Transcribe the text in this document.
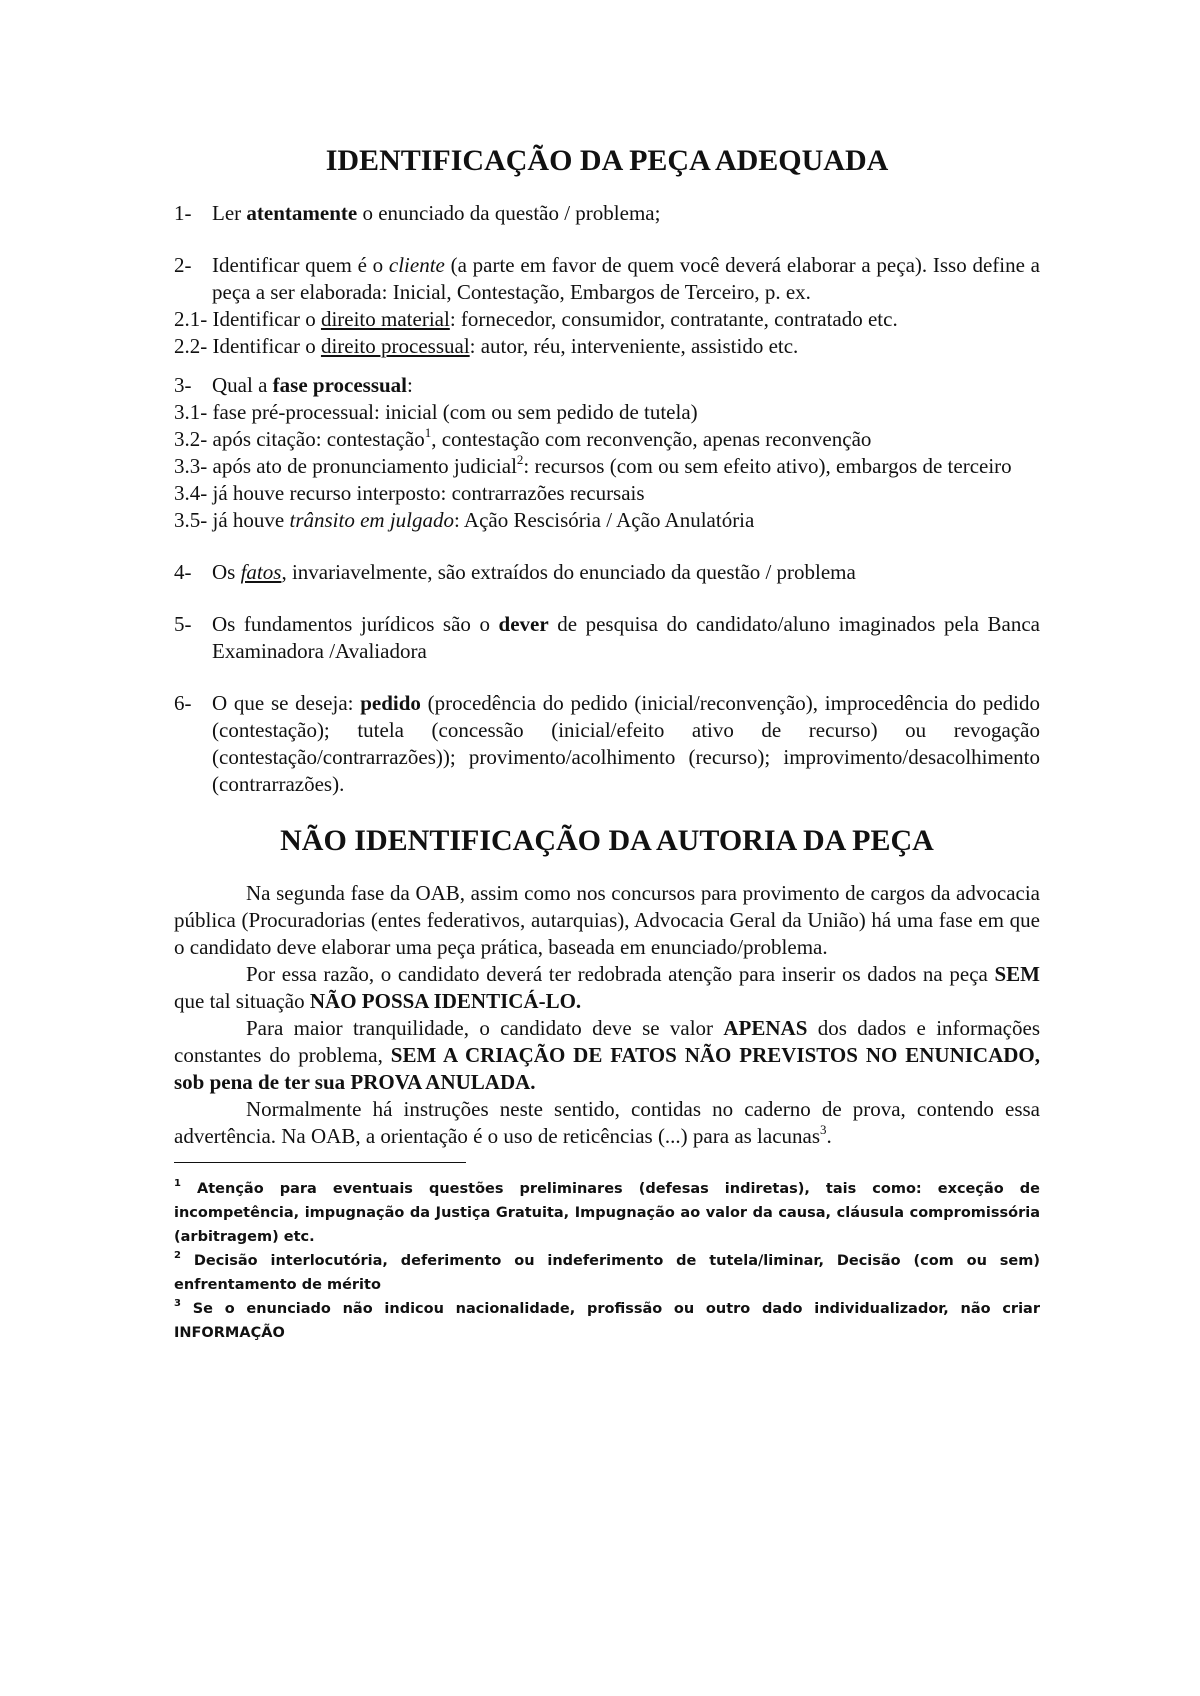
IDENTIFICAÇÃO DA PEÇA ADEQUADA
1- Ler atentamente o enunciado da questão / problema;
2- Identificar quem é o cliente (a parte em favor de quem você deverá elaborar a peça). Isso define a peça a ser elaborada: Inicial, Contestação, Embargos de Terceiro, p. ex.

2.1- Identificar o direito material: fornecedor, consumidor, contratante, contratado etc.

2.2- Identificar o direito processual: autor, réu, interveniente, assistido etc.

3- Qual a fase processual:

3.1- fase pré-processual: inicial (com ou sem pedido de tutela)

3.2- após citação: contestação$^1$, contestação com reconvenção, apenas reconvenção

3.3- após ato de pronunciamento judicial$^2$: recursos (com ou sem efeito ativo), embargos de terceiro

3.4- já houve recurso interposto: contrarrazões recursais

3.5- já houve trânsito em julgado: Ação Rescisória / Ação Anulatória

4- Os fatos, invariavelmente, são extraídos do enunciado da questão / problema
5- Os fundamentos jurídicos são o dever de pesquisa do candidato/aluno imaginados pela Banca Examinadora /Avaliadora
6- O que se deseja: pedido (procedência do pedido (inicial/reconvenção), improcedência do pedido (contestação); tutela (concessão (inicial/efeito ativo de recurso) ou revogação (contestação/contrarrazões)); provimento/acolhimento (recurso); improvimento/desacolhimento (contrarrazões).
NÃO IDENTIFICAÇÃO DA AUTORIA DA PEÇA

Na segunda fase da OAB, assim como nos concursos para provimento de cargos da advocacia pública (Procuradorias (entes federativos, autarquias), Advocacia Geral da União) há uma fase em que o candidato deve elaborar uma peça prática, baseada em enunciado/problema.

Por essa razão, o candidato deverá ter redobrada atenção para inserir os dados na peça SEM que tal situação NÃO POSSA IDENTICÁ-LO.

Para maior tranquilidade, o candidato deve se valor APENAS dos dados e informações constantes do problema, SEM A CRIAÇÃO DE FATOS NÃO PREVISTOS NO ENUNICADO, sob pena de ter sua PROVA ANULADA.

Normalmente há instruções neste sentido, contidas no caderno de prova, contendo essa advertência. Na OAB, a orientação é o uso de reticências (...) para as lacunas$^3$.

$^1$ Atenção para eventuais questões preliminares (defesas indiretas), tais como: exceção de incompetência, impugnação da Justiça Gratuita, Impugnação ao valor da causa, cláusula compromissória (arbitragem) etc.

$^2$ Decisão interlocutória, deferimento ou indeferimento de tutela/liminar, Decisão (com ou sem) enfrentamento de mérito

$^3$ Se o enunciado não indicou nacionalidade, profissão ou outro dado individualizador, não criar INFORMAÇÃO
